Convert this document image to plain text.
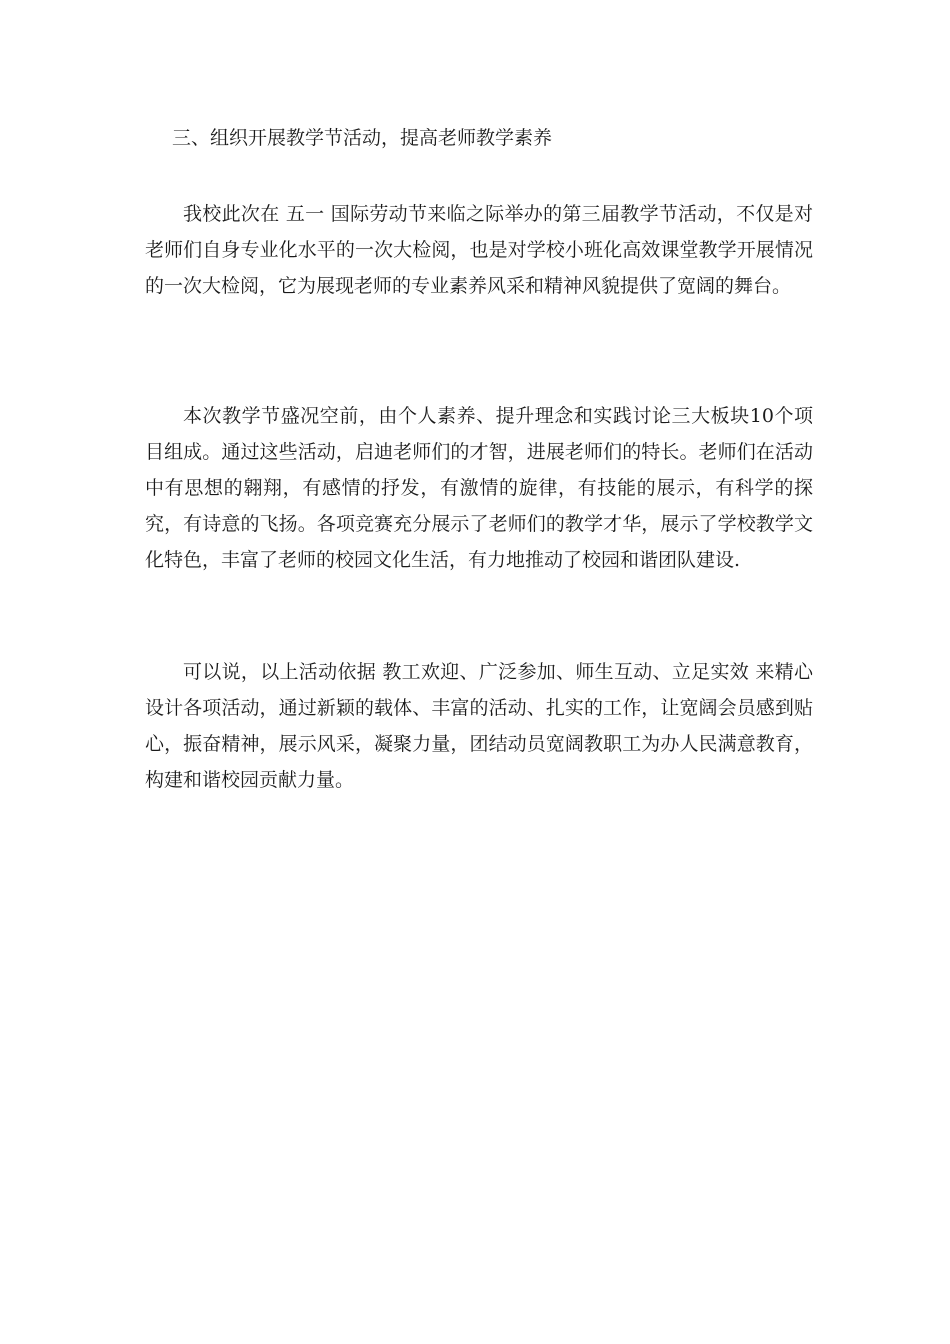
三、组织开展教学节活动，提高老师教学素养

我校此次在 五一 国际劳动节来临之际举办的第三届教学节活动，不仅是对老师们自身专业化水平的一次大检阅，也是对学校小班化高效课堂教学开展情况的一次大检阅，它为展现老师的专业素养风采和精神风貌提供了宽阔的舞台。

本次教学节盛况空前，由个人素养、提升理念和实践讨论三大板块10个项目组成。通过这些活动，启迪老师们的才智，进展老师们的特长。老师们在活动中有思想的翱翔，有感情的抒发，有激情的旋律，有技能的展示，有科学的探究，有诗意的飞扬。各项竞赛充分展示了老师们的教学才华，展示了学校教学文化特色，丰富了老师的校园文化生活，有力地推动了校园和谐团队建设.

可以说，以上活动依据 教工欢迎、广泛参加、师生互动、立足实效 来精心设计各项活动，通过新颖的载体、丰富的活动、扎实的工作，让宽阔会员感到贴心，振奋精神，展示风采，凝聚力量，团结动员宽阔教职工为办人民满意教育，构建和谐校园贡献力量。
